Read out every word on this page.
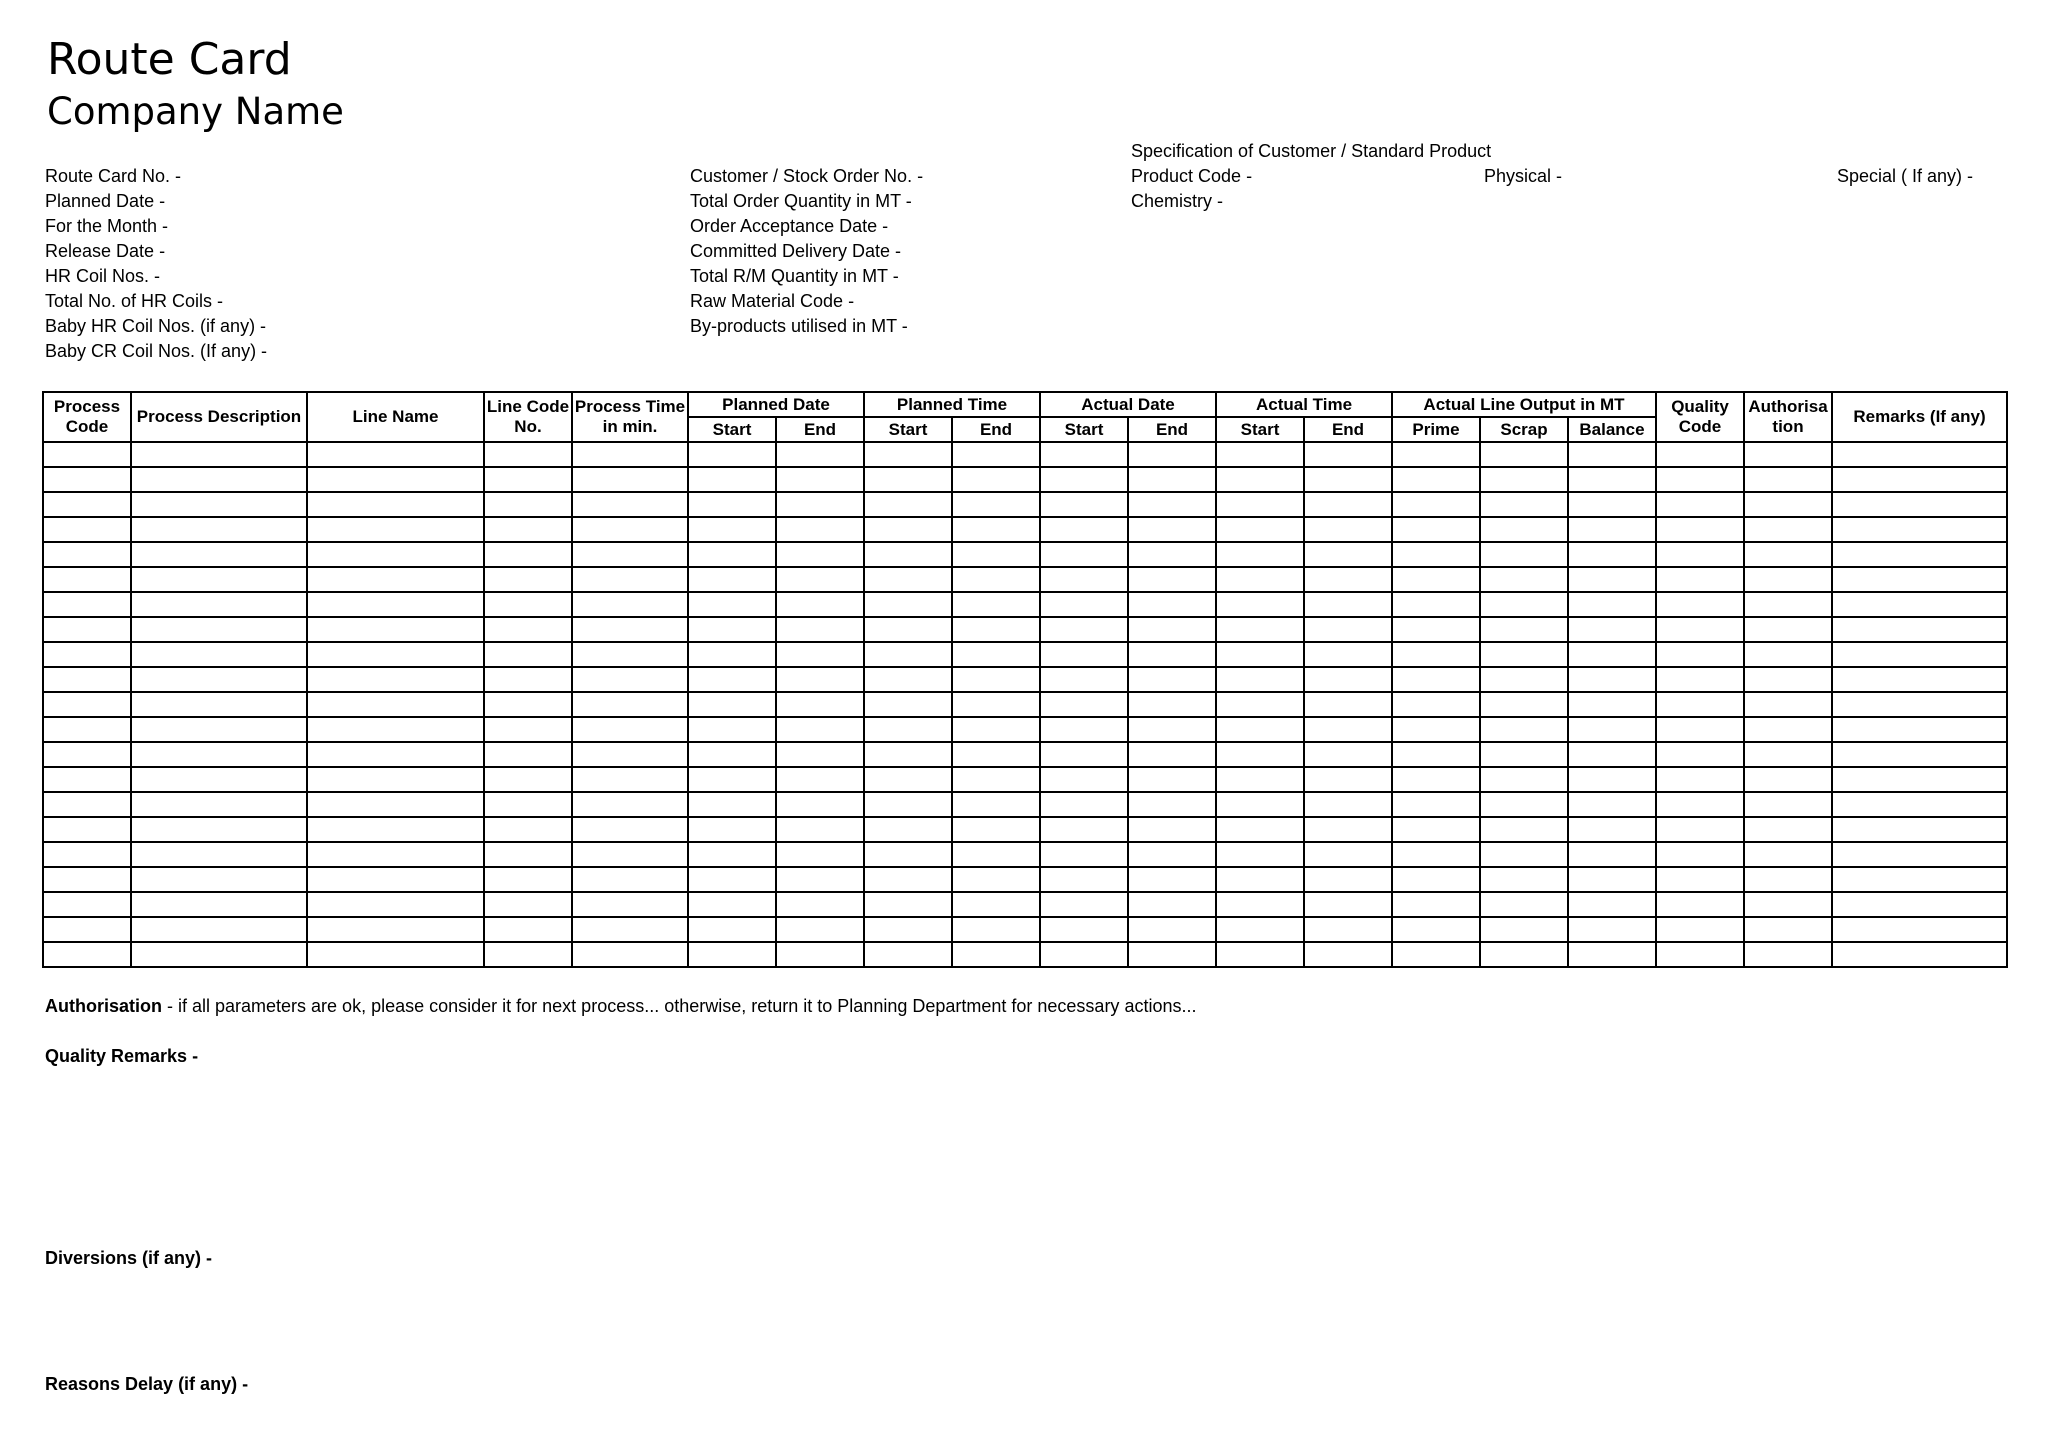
Route Card
Company Name
Specification of Customer / Standard Product
Route Card No. -
Planned Date -
For the Month -
Release Date -
HR Coil Nos. -
Total No. of HR Coils -
Baby HR Coil Nos. (if any) -
Baby CR Coil Nos. (If any) -
Customer / Stock Order No. -
Total Order Quantity in MT -
Order Acceptance Date -
Committed Delivery Date -
Total R/M Quantity in MT -
Raw Material Code -
By-products utilised in MT -
Product Code -
Chemistry -
Physical -	Special ( If any) -
Process Code	Process Description	Line Name	Line Code No.	Process Time in min.	Planned Date		Planned Time		Actual Date		Actual Time		Actual Line Output in MT			Quality Code	Authorisa tion	Remarks (If any)
					Start	End	Start	End	Start	End	Start	End	Prime	Scrap	Balance			

Authorisation - if all parameters are ok, please consider it for next process... otherwise, return it to Planning Department for necessary actions...
Quality Remarks -
Diversions (if any) -
Reasons Delay (if any) -
